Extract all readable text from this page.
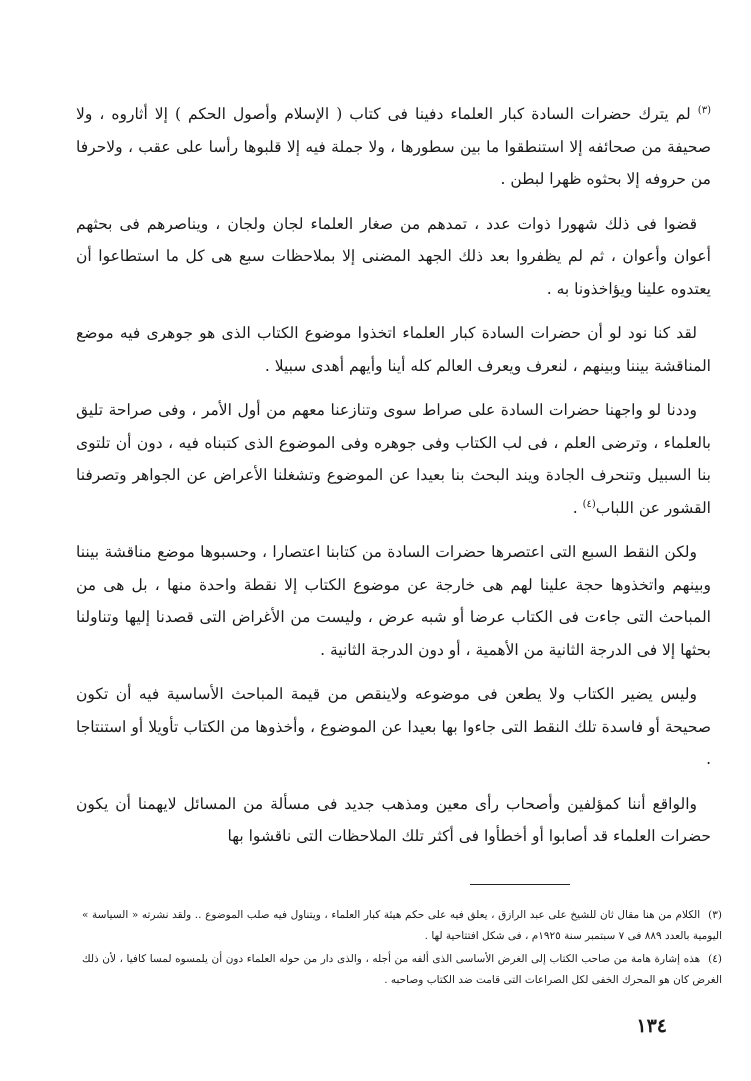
$^{(٣)}$ لم يترك حضرات السادة كبار العلماء دفينا فى كتاب ( الإسلام وأصول الحكم ) إلا أثاروه ، ولا صحيفة من صحائفه إلا استنطقوا ما بين سطورها ، ولا جملة فيه إلا قلبوها رأسا على عقب ، ولاحرفا من حروفه إلا بحثوه ظهرا لبطن .

قضوا فى ذلك شهورا ذوات عدد ، تمدهم من صغار العلماء لجان ولجان ، ويناصرهم فى بحثهم أعوان وأعوان ، ثم لم يظفروا بعد ذلك الجهد المضنى إلا بملاحظات سبع هى كل ما استطاعوا أن يعتدوه علينا ويؤاخذونا به .

لقد كنا نود لو أن حضرات السادة كبار العلماء اتخذوا موضوع الكتاب الذى هو جوهرى فيه موضع المناقشة بيننا وبينهم ، لنعرف ويعرف العالم كله أينا وأيهم أهدى سبيلا .

وددنا لو واجهنا حضرات السادة على صراط سوى وتنازعنا معهم من أول الأمر ، وفى صراحة تليق بالعلماء ، وترضى العلم ، فى لب الكتاب وفى جوهره وفى الموضوع الذى كتبناه فيه ، دون أن تلتوى بنا السبيل وتنحرف الجادة ويند البحث بنا بعيدا عن الموضوع وتشغلنا الأعراض عن الجواهر وتصرفنا القشور عن اللباب$^{(٤)}$ .

ولكن النقط السبع التى اعتصرها حضرات السادة من كتابنا اعتصارا ، وحسبوها موضع مناقشة بيننا وبينهم واتخذوها حجة علينا لهم هى خارجة عن موضوع الكتاب إلا نقطة واحدة منها ، بل هى من المباحث التى جاءت فى الكتاب عرضا أو شبه عرض ، وليست من الأغراض التى قصدنا إليها وتناولنا بحثها إلا فى الدرجة الثانية من الأهمية ، أو دون الدرجة الثانية .

وليس يضير الكتاب ولا يطعن فى موضوعه ولاينقص من قيمة المباحث الأساسية فيه أن تكون صحيحة أو فاسدة تلك النقط التى جاءوا بها بعيدا عن الموضوع ، وأخذوها من الكتاب تأويلا أو استنتاجا .

والواقع أننا كمؤلفين وأصحاب رأى معين ومذهب جديد فى مسألة من المسائل لايهمنا أن يكون حضرات العلماء قد أصابوا أو أخطأوا فى أكثر تلك الملاحظات التى ناقشوا بها

(٣)الكلام من هنا مقال ثان للشيخ على عبد الرازق ، يعلق فيه على حكم هيئة كبار العلماء ، ويتناول فيه صلب الموضوع .. ولقد نشرته « السياسة » اليومية بالعدد ٨٨٩ فى ٧ سبتمبر سنة ١٩٢٥م ، فى شكل افتتاحية لها .

(٤)هذه إشارة هامة من صاحب الكتاب إلى الغرض الأساسى الذى ألفه من أجله ، والذى دار من حوله العلماء دون أن يلمسوه لمسا كافيا ، لأن ذلك الغرض كان هو المحرك الخفى لكل الصراعات التى قامت ضد الكتاب وصاحبه .

١٣٤
